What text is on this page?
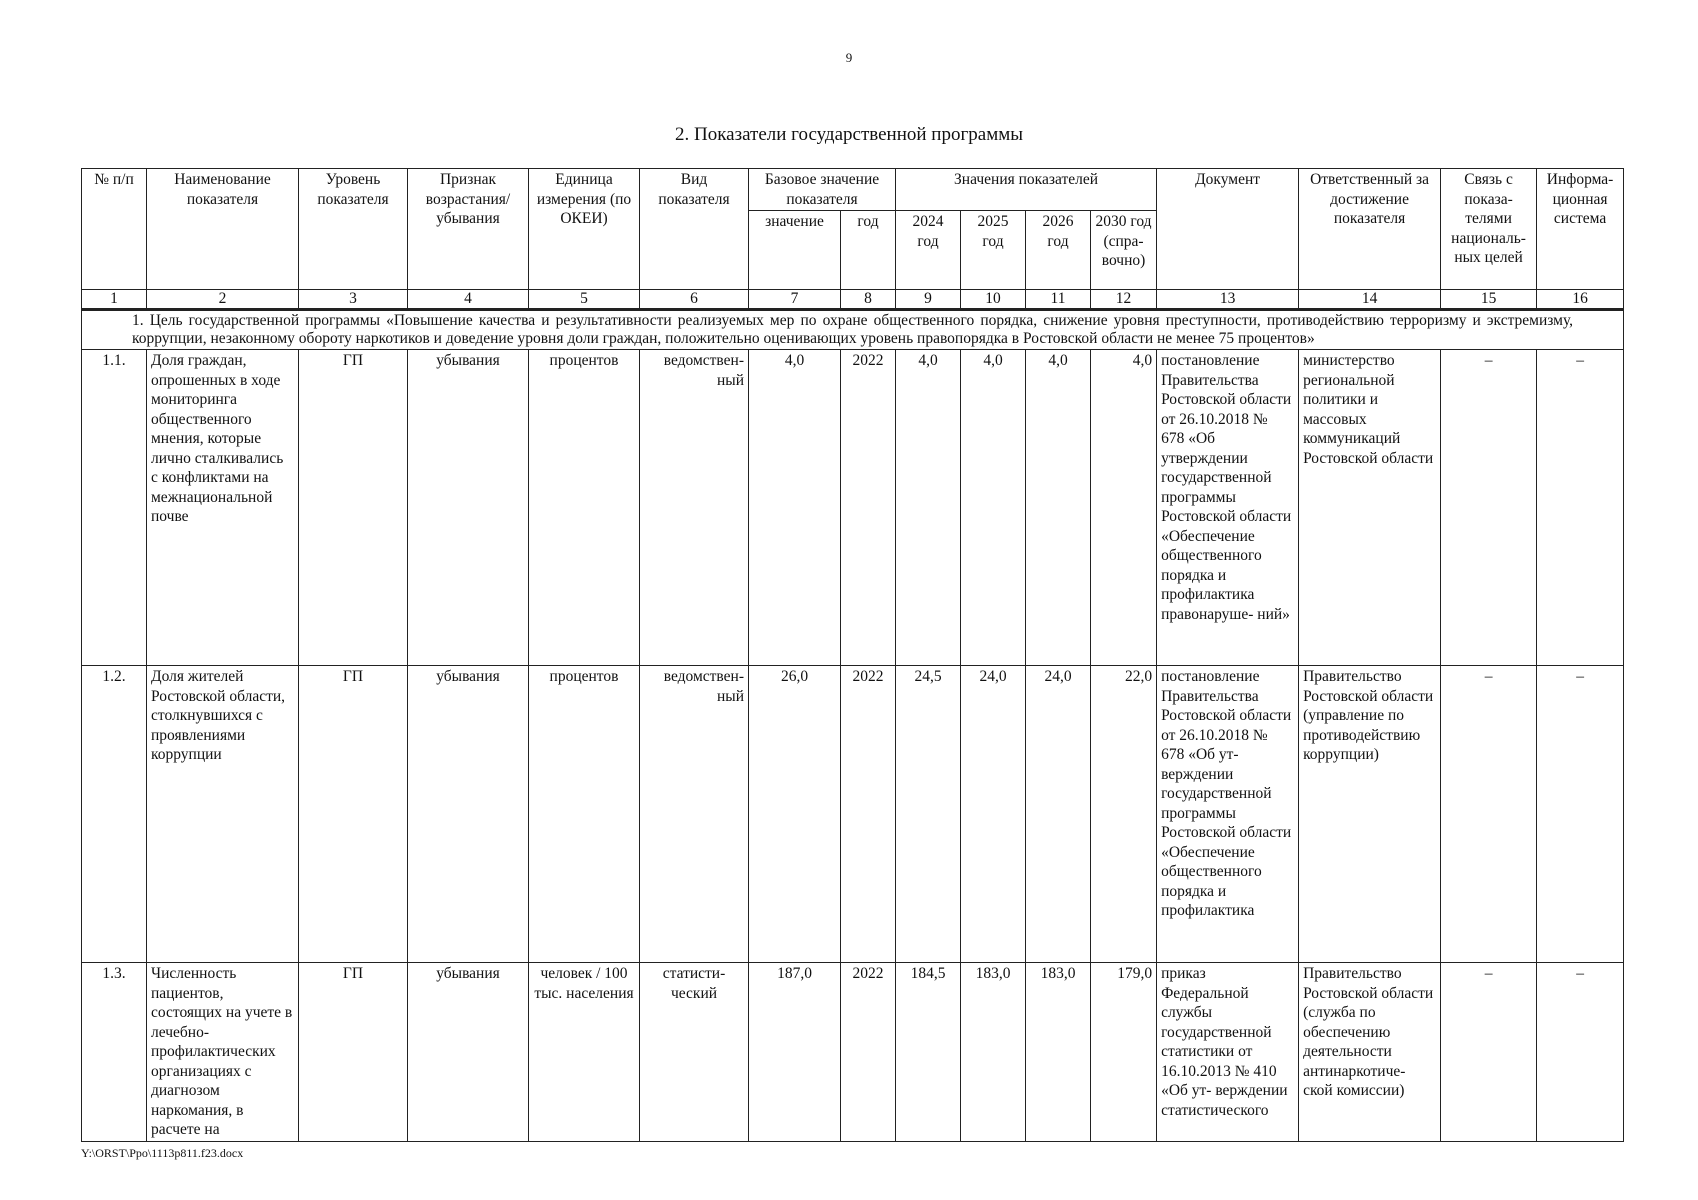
9
2. Показатели государственной программы
№ п/п	Наименование показателя	Уровень показателя	Признак возрастания/ убывания	Единица измерения (по ОКЕИ)	Вид показателя	Базовое значение показателя		Значения показателей				Документ	Ответственный за достижение показателя	Связь с показа- телями националь- ных целей	Информа- ционная система
						значение	год	2024 год	2025 год	2026 год	2030 год (спра- вочно)				
1	2	3	4	5	6	7	8	9	10	11	12	13	14	15	16
1. Цель государственной программы «Повышение качества и результативности реализуемых мер по охране общественного порядка, снижение уровня преступности, противодействию терроризму и экстремизму, коррупции, незаконному обороту наркотиков и доведение уровня доли граждан, положительно оценивающих уровень правопорядка в Ростовской области не менее 75 процентов»															
1.1.	Доля граждан, опрошенных в ходе мониторинга общественного мнения, которые лично сталкивались с конфликтами на межнациональной почве	ГП	убывания	процентов	ведомствен- ный	4,0	2022	4,0	4,0	4,0	4,0	постановление Правительства Ростовской области от 26.10.2018 № 678 «Об утверждении государственной программы Ростовской области «Обеспечение общественного порядка и профилактика правонаруше- ний»	министерство региональной политики и массовых коммуникаций Ростовской области	–	–
1.2.	Доля жителей Ростовской области, столкнувшихся с проявлениями коррупции	ГП	убывания	процентов	ведомствен- ный	26,0	2022	24,5	24,0	24,0	22,0	постановление Правительства Ростовской области от 26.10.2018 № 678 «Об ут- верждении государственной программы Ростовской области «Обеспечение общественного порядка и профилактика	Правительство Ростовской области (управление по противодействию коррупции)	–	–
1.3.	Численность пациентов, состоящих на учете в лечебно- профилактических организациях с диагнозом наркомания, в расчете на	ГП	убывания	человек / 100 тыс. населения	статисти- ческий	187,0	2022	184,5	183,0	183,0	179,0	приказ Федеральной службы государственной статистики от 16.10.2013 № 410 «Об ут- верждении статистического	Правительство Ростовской области (служба по обеспечению деятельности антинаркотиче- ской комиссии)	–	–
Y:\ORST\Ppo\1113p811.f23.docx
